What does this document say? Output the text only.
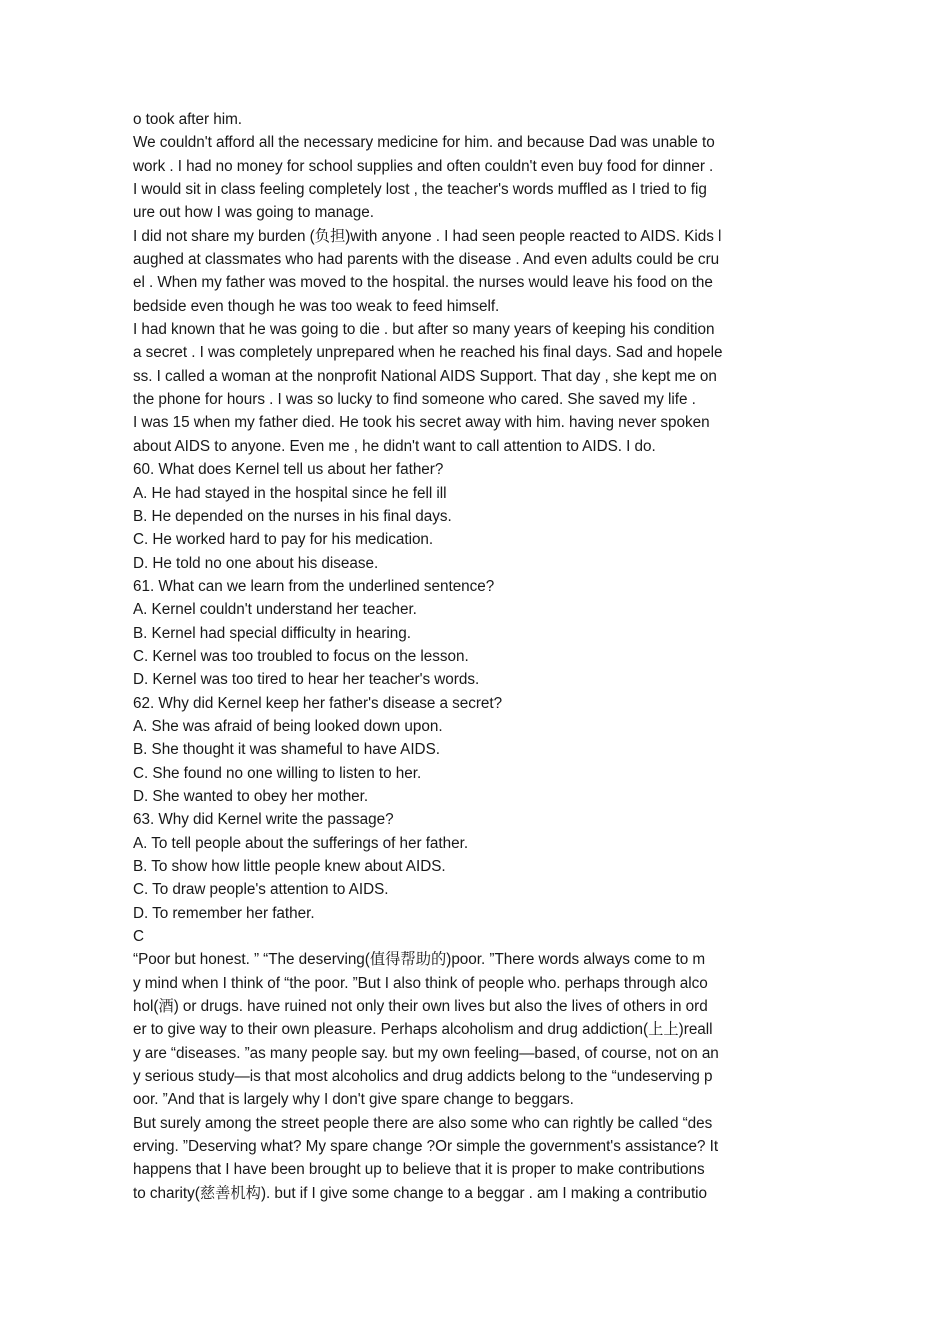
o took after him.
We couldn't afford all the necessary medicine for him. and because Dad was unable to
work . I had no money for school supplies and often couldn't even buy food for dinner .
I would sit in class feeling completely lost , the teacher's words muffled as I tried to fig
ure out how I was going to manage.
I did not share my burden (负担)with anyone . I had seen people reacted to AIDS. Kids l
aughed at classmates who had parents with the disease . And even adults could be cru
el . When my father was moved to the hospital. the nurses would leave his food on the
bedside even though he was too weak to feed himself.
I had known that he was going to die . but after so many years of keeping his condition
a secret . I was completely unprepared when he reached his final days. Sad and hopele
ss. I called a woman at the nonprofit National AIDS Support. That day , she kept me on
the phone for hours . I was so lucky to find someone who cared. She saved my life .
I was 15 when my father died. He took his secret away with him. having never spoken
about AIDS to anyone. Even me , he didn't want to call attention to AIDS. I do.
60. What does Kernel tell us about her father?
A. He had stayed in the hospital since he fell ill
B. He depended on the nurses in his final days.
C. He worked hard to pay for his medication.
D. He told no one about his disease.
61. What can we learn from the underlined sentence?
A. Kernel couldn't understand her teacher.
B. Kernel had special difficulty in hearing.
C. Kernel was too troubled to focus on the lesson.
D. Kernel was too tired to hear her teacher's words.
62. Why did Kernel keep her father's disease a secret?
A. She was afraid of being looked down upon.
B. She thought it was shameful to have AIDS.
C. She found no one willing to listen to her.
D. She wanted to obey her mother.
63. Why did Kernel write the passage?
A. To tell people about the sufferings of her father.
B. To show how little people knew about AIDS.
C. To draw people's attention to AIDS.
D. To remember her father.
C
“Poor but honest. ” “The deserving(值得帮助的)poor. ”There words always come to m
y mind when I think of “the poor. ”But I also think of people who. perhaps through alco
hol(酒) or drugs. have ruined not only their own lives but also the lives of others in ord
er to give way to their own pleasure. Perhaps alcoholism and drug addiction(上上)reall
y are “diseases. ”as many people say. but my own feeling—based, of course, not on an
y serious study—is that most alcoholics and drug addicts belong to the “undeserving p
oor. ”And that is largely why I don't give spare change to beggars.
But surely among the street people there are also some who can rightly be called “des
erving. ”Deserving what? My spare change ?Or simple the government's assistance? It
happens that I have been brought up to believe that it is proper to make contributions
to charity(慈善机构). but if I give some change to a beggar . am I making a contributio
